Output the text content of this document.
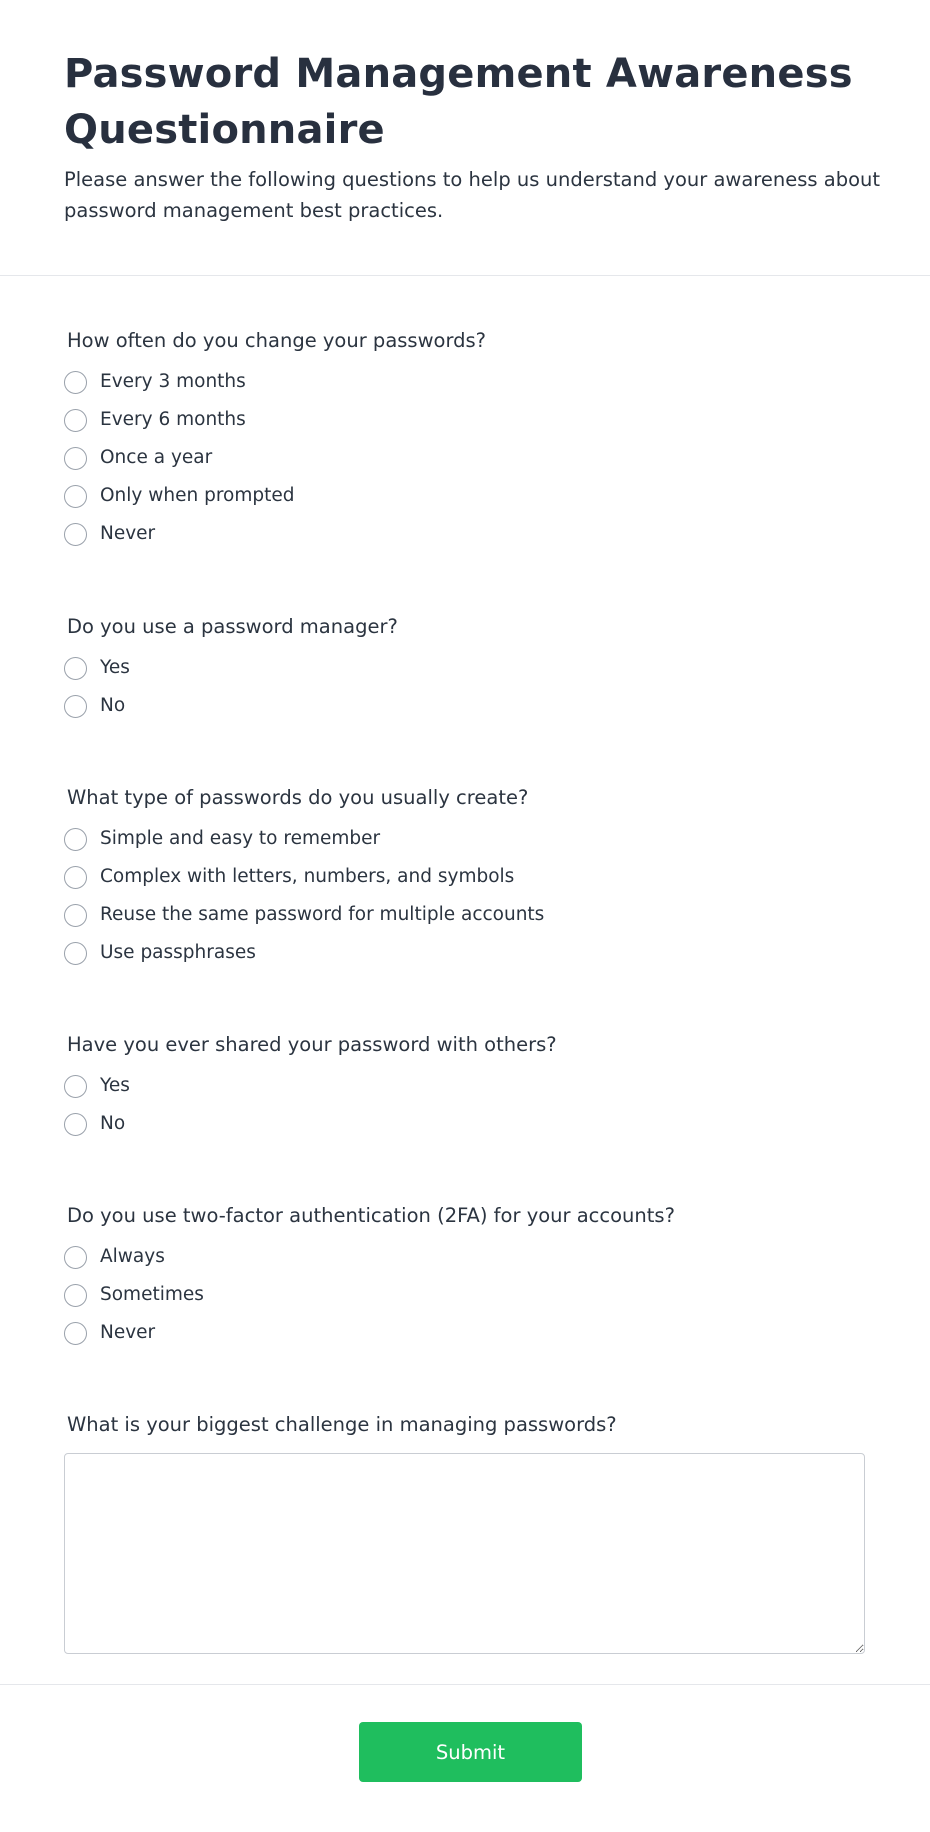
Password Management Awareness Questionnaire

Please answer the following questions to help us understand your awareness about password management best practices.

How often do you change your passwords?

Every 3 months
Every 6 months
Once a year
Only when prompted
Never

Do you use a password manager?

Yes
No

What type of passwords do you usually create?

Simple and easy to remember
Complex with letters, numbers, and symbols
Reuse the same password for multiple accounts
Use passphrases

Have you ever shared your password with others?

Yes
No

Do you use two-factor authentication (2FA) for your accounts?

Always
Sometimes
Never

What is your biggest challenge in managing passwords?

Submit
